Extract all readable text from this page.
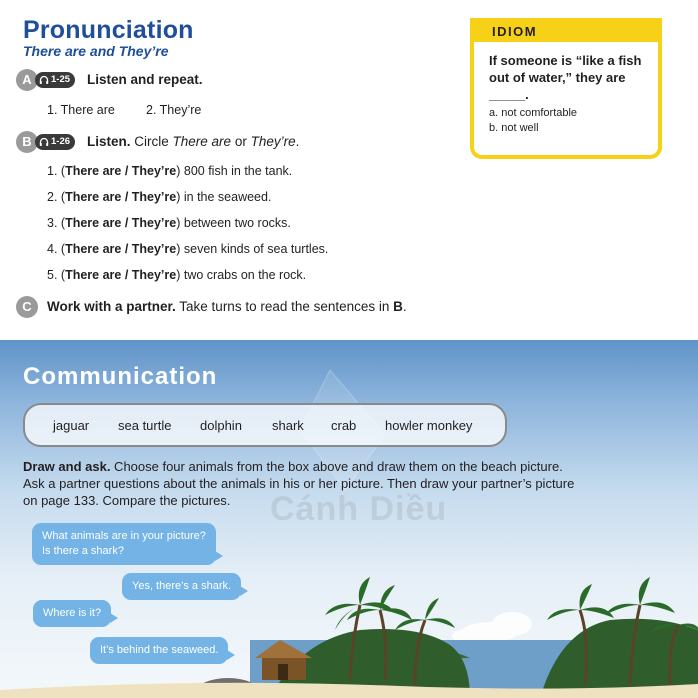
Pronunciation
There are and They’re
A	1-25 Listen and repeat.
1. There are 2. They’re
B	1-26 Listen. Circle There are or They’re.
1. (There are / They’re) 800 fish in the tank.
2. (There are / They’re) in the seaweed.
3. (There are / They’re) between two rocks.
4. (There are / They’re) seven kinds of sea turtles.
5. (There are / They’re) two crabs on the rock.
C	Work with a partner. Take turns to read the sentences in B.
IDIOM
If someone is “like a fish out of water,” they are _____.
a. not comfortable
b. not well
Communication
jaguar sea turtle dolphin shark crab howler monkey
Draw and ask. Choose four animals from the box above and draw them on the beach picture. Ask a partner questions about the animals in his or her picture. Then draw your partner’s picture on page 133. Compare the pictures.	Cánh Diều
What animals are in your picture?
Is there a shark?
Yes, there’s a shark.
Where is it?
It’s behind the seaweed.
